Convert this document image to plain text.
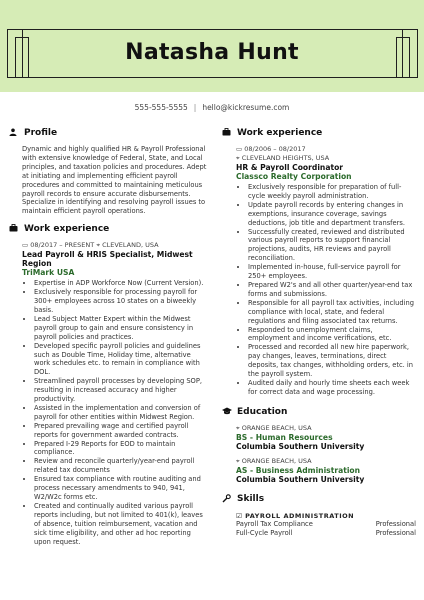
Natasha Hunt
555-555-5555 | hello@kickresume.com
Profile
Dynamic and highly qualified HR & Payroll Professional with extensive knowledge of Federal, State, and Local principles, and taxation policies and procedures. Adept at initiating and implementing efficient payroll procedures and committed to maintaining meticulous payroll records to ensure accurate disbursements. Specialize in identifying and resolving payroll issues to maintain efficient payroll operations.
Work experience
▭ 08/2017 – PRESENT ⌖ CLEVELAND, USA
Lead Payroll & HRIS Specialist, Midwest Region
TriMark USA
• Expertise in ADP Workforce Now (Current Version).
• Exclusively responsible for processing payroll for 300+ employees across 10 states on a biweekly basis.
• Lead Subject Matter Expert within the Midwest payroll group to gain and ensure consistency in payroll policies and practices.
• Developed specific payroll policies and guidelines such as Double Time, Holiday time, alternative work schedules etc. to remain in compliance with DOL.
• Streamlined payroll processes by developing SOP, resulting in increased accuracy and higher productivity.
• Assisted in the implementation and conversion of payroll for other entities within Midwest Region.
• Prepared prevailing wage and certified payroll reports for government awarded contracts.
• Prepared I-29 Reports for EOD to maintain compliance.
• Review and reconcile quarterly/year-end payroll related tax documents
• Ensured tax compliance with routine auditing and process necessary amendments to 940, 941, W2/W2c forms etc.
• Created and continually audited various payroll reports including, but not limited to 401(k), leaves of absence, tuition reimbursement, vacation and sick time eligibility, and other ad hoc reporting upon request.
Work experience
▭ 08/2006 – 08/2017
⌖ CLEVELAND HEIGHTS, USA
HR & Payroll Coordinator
Classco Realty Corporation
• Exclusively responsible for preparation of full-cycle weekly payroll administration.
• Update payroll records by entering changes in exemptions, insurance coverage, savings deductions, job title and department transfers.
• Successfully created, reviewed and distributed various payroll reports to support financial projections, audits, HR reviews and payroll reconciliation.
• Implemented in-house, full-service payroll for 250+ employees.
• Prepared W2's and all other quarter/year-end tax forms and submissions.
• Responsible for all payroll tax activities, including compliance with local, state, and federal regulations and filing associated tax returns.
• Responded to unemployment claims, employment and income verifications, etc.
• Processed and recorded all new hire paperwork, pay changes, leaves, terminations, direct deposits, tax changes, withholding orders, etc. in the payroll system.
• Audited daily and hourly time sheets each week for correct data and wage processing.
Education
⌖ ORANGE BEACH, USA
BS - Human Resources
Columbia Southern University
⌖ ORANGE BEACH, USA
AS - Business Administration
Columbia Southern University
Skills
☑ PAYROLL ADMINISTRATION
Payroll Tax Compliance	Professional
Full-Cycle Payroll	Professional
